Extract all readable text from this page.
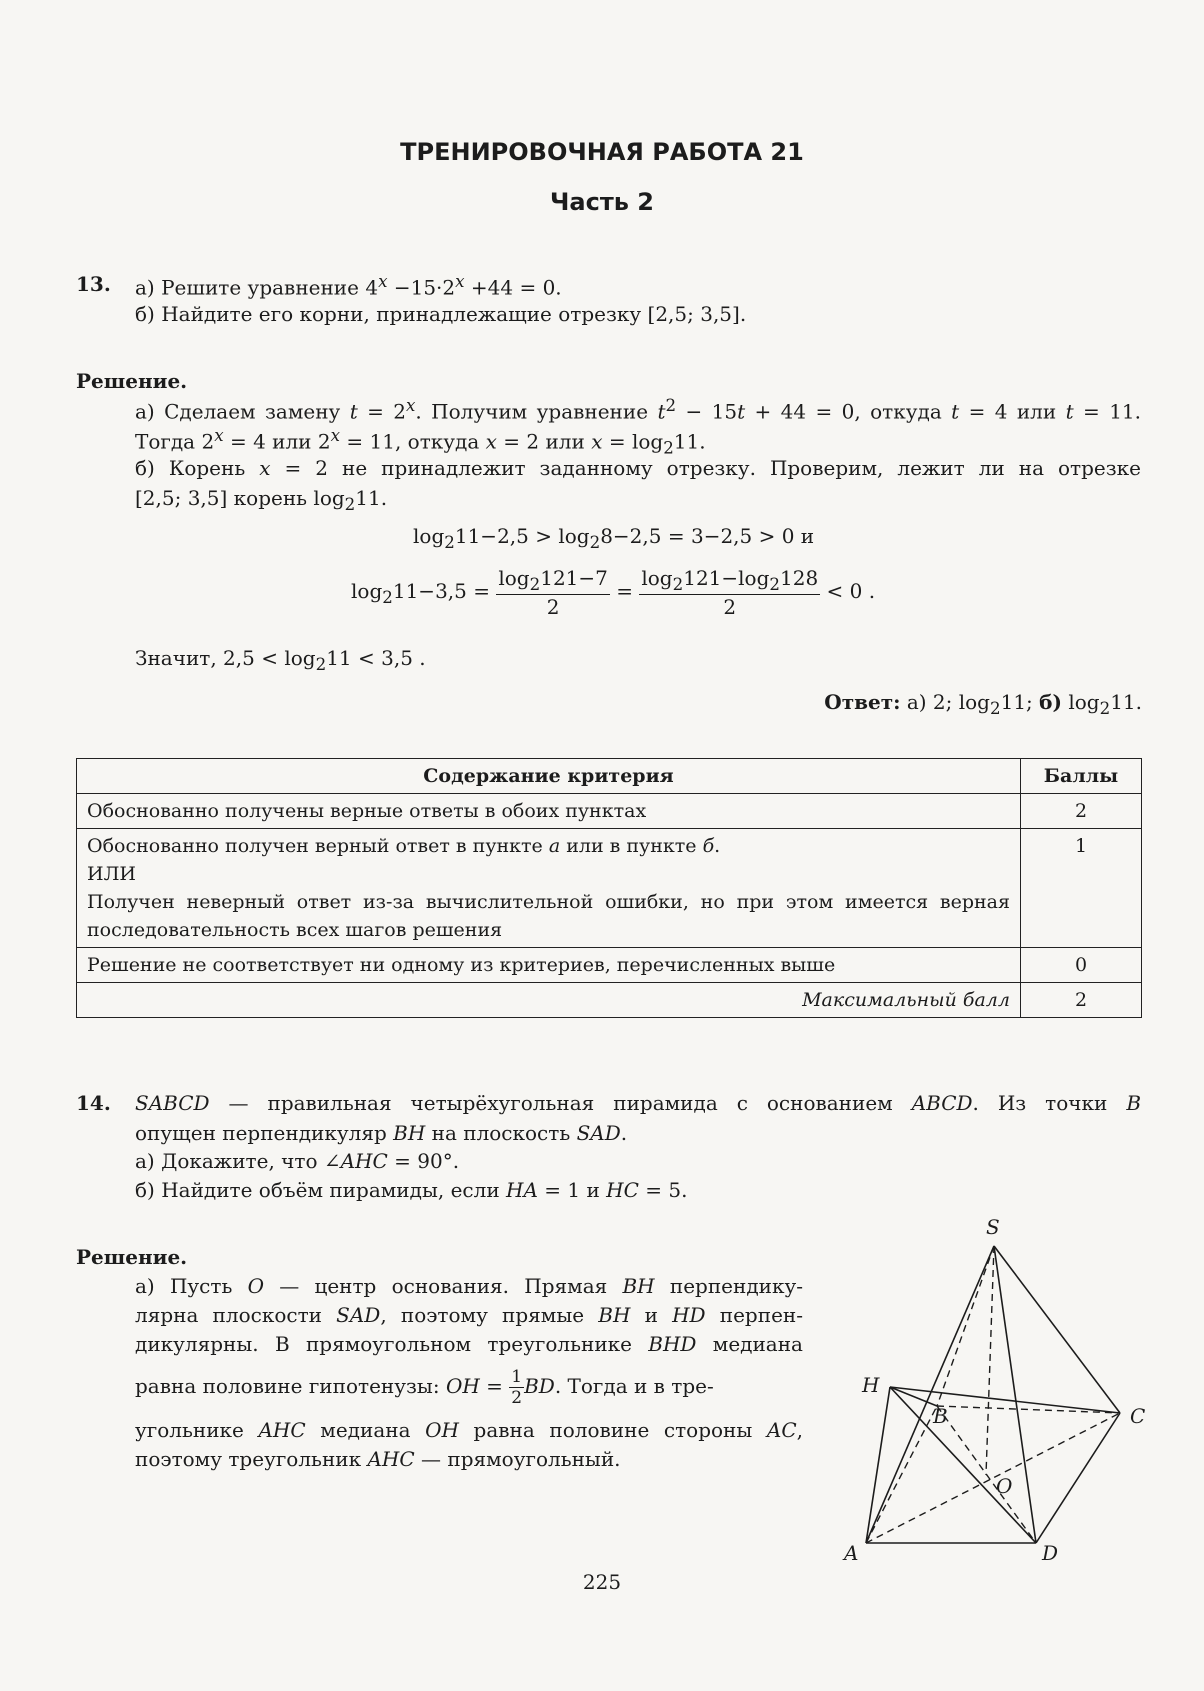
ТРЕНИРОВОЧНАЯ РАБОТА 21
Часть 2
13. а) Решите уравнение $4^x -15\cdot 2^x +44 = 0$.
б) Найдите его корни, принадлежащие отрезку [2,5; 3,5].
Решение.
а) Сделаем замену $t = 2^x$. Получим уравнение $t^2 - 15t + 44 = 0$, откуда t = 4 или t = 11.
Тогда $2^x = 4$ или $2^x = 11$, откуда x = 2 или $x = \log_211$.
б) Корень x = 2 не принадлежит заданному отрезку. Проверим, лежит ли на отрезке
[2,5; 3,5] корень $\log_211$.
$\log_211-2,5 > \log_28-2,5 = 3-2,5 > 0$ и
$\log_211-3,5 = \frac{\log_2121-7}{2} = \frac{\log_2121-\log_2128}{2} < 0$ .
Значит, $2,5 < \log_211 < 3,5$ .
Ответ: а) 2; $\log_211$; б) $\log_211$.
Содержание критерия	Баллы
Обоснованно получены верные ответы в обоих пунктах	2
Обоснованно получен верный ответ в пункте а или в пункте б.
ИЛИ
Получен неверный ответ из-за вычислительной ошибки, но при этом имеется верная последовательность всех шагов решения	1
Решение не соответствует ни одному из критериев, перечисленных выше	0
Максимальный балл	2
14. SABCD — правильная четырёхугольная пирамида с основанием ABCD. Из точки B
опущен перпендикуляр BH на плоскость SAD.
а) Докажите, что ∠AHC = 90°.
б) Найдите объём пирамиды, если HA = 1 и HC = 5.
Решение.
а) Пусть O — центр основания. Прямая BH перпендику-
лярна плоскости SAD, поэтому прямые BH и HD перпен-
дикулярны. В прямоугольном треугольнике BHD медиана
равна половине гипотенузы: OH = $\frac{1}{2}$ BD. Тогда и в тре-
угольнике AHC медиана OH равна половине стороны AC,
поэтому треугольник AHC — прямоугольный.
S
H
B	C
O
A	D
225
